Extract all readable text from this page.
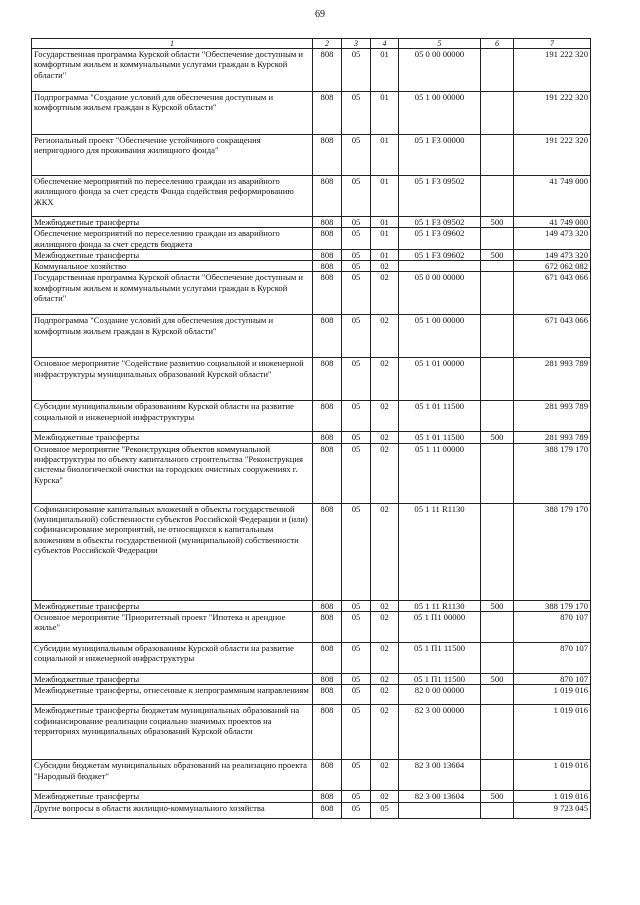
69
1	2	3	4	5	6	7
Государственная программа Курской области "Обеспечение доступным и комфортным жильем и коммунальными услугами граждан в Курской области"	808	05	01	05 0 00 00000		191 222 320
Подпрограмма "Создание условий для обеспечения доступным и комфортным жильем граждан в Курской области"	808	05	01	05 1 00 00000		191 222 320
Региональный проект "Обеспечение устойчивого сокращения непригодного для проживания жилищного фонда"	808	05	01	05 1 F3 00000		191 222 320
Обеспечение мероприятий по переселению граждан из аварийного жилищного фонда за счет средств Фонда содействия реформированию ЖКХ	808	05	01	05 1 F3 09502		41 749 000
Межбюджетные трансферты	808	05	01	05 1 F3 09502	500	41 749 000
Обеспечение мероприятий по переселению граждан из аварийного жилищного фонда за счет средств бюджета	808	05	01	05 1 F3 09602		149 473 320
Межбюджетные трансферты	808	05	01	05 1 F3 09602	500	149 473 320
Коммунальное хозяйство	808	05	02			672 062 082
Государственная программа Курской области "Обеспечение доступным и комфортным жильем и коммунальными услугами граждан в Курской области"	808	05	02	05 0 00 00000		671 043 066
Подпрограмма "Создание условий для обеспечения доступным и комфортным жильем граждан в Курской области"	808	05	02	05 1 00 00000		671 043 066
Основное мероприятие "Содействие развитию социальной и инженерной инфраструктуры муниципальных образований Курской области"	808	05	02	05 1 01 00000		281 993 789
Субсидии муниципальным образованиям Курской области на развитие социальной и инженерной инфраструктуры	808	05	02	05 1 01 11500		281 993 789
Межбюджетные трансферты	808	05	02	05 1 01 11500	500	281 993 789
Основное мероприятие "Реконструкция объектов коммунальной инфраструктуры по объекту капитального строительства "Реконструкция системы биологической очистки на городских очистных сооружениях г. Курска"	808	05	02	05 1 11 00000		388 179 170
Софинансирование капитальных вложений в объекты государственной (муниципальной) собственности субъектов Российской Федерации и (или) софинансирование мероприятий, не относящихся к капитальным вложениям в объекты государственной (муниципальной) собственности субъектов Российской Федерации	808	05	02	05 1 11 R1130		388 179 170
Межбюджетные трансферты	808	05	02	05 1 11 R1130	500	388 179 170
Основное мероприятие "Приоритетный проект "Ипотека и арендное жилье"	808	05	02	05 1 П1 00000		870 107
Субсидии муниципальным образованиям Курской области на развитие социальной и инженерной инфраструктуры	808	05	02	05 1 П1 11500		870 107
Межбюджетные трансферты	808	05	02	05 1 П1 11500	500	870 107
Межбюджетные трансферты, отнесенные к непрограммным направлениям	808	05	02	82 0 00 00000		1 019 016
Межбюджетные трансферты бюджетам муниципальных образований на софинансирование реализации социально значимых проектов на территориях муниципальных образований Курской области	808	05	02	82 3 00 00000		1 019 016
Субсидии бюджетам муниципальных образований на реализацию проекта "Народный бюджет"	808	05	02	82 3 00 13604		1 019 016
Межбюджетные трансферты	808	05	02	82 3 00 13604	500	1 019 016
Другие вопросы в области жилищно-коммунального хозяйства	808	05	05			9 723 045
